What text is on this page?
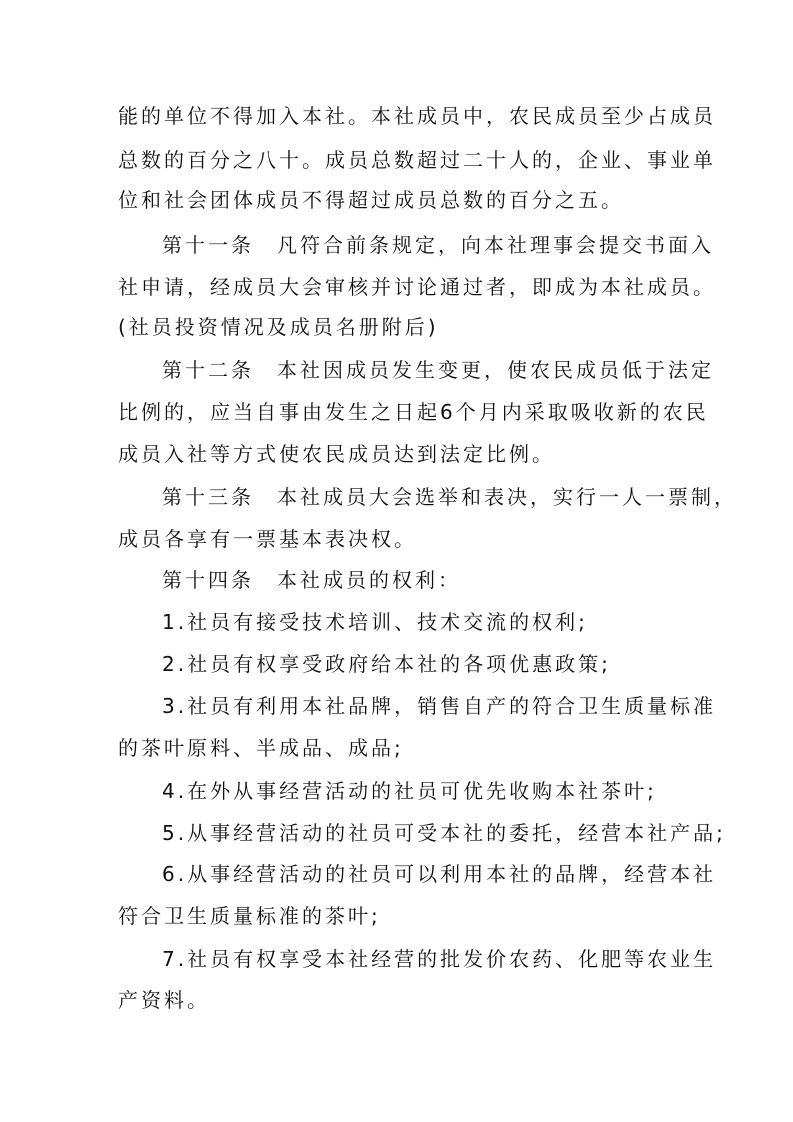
能的单位不得加入本社。本社成员中，农民成员至少占成员
总数的百分之八十。成员总数超过二十人的，企业、事业单
位和社会团体成员不得超过成员总数的百分之五。
第十一条　凡符合前条规定，向本社理事会提交书面入
社申请，经成员大会审核并讨论通过者，即成为本社成员。
(社员投资情况及成员名册附后)
第十二条　本社因成员发生变更，使农民成员低于法定
比例的，应当自事由发生之日起6个月内采取吸收新的农民
成员入社等方式使农民成员达到法定比例。
第十三条　本社成员大会选举和表决，实行一人一票制，
成员各享有一票基本表决权。
第十四条　本社成员的权利：
1.社员有接受技术培训、技术交流的权利;
2.社员有权享受政府给本社的各项优惠政策;
3.社员有利用本社品牌，销售自产的符合卫生质量标准
的茶叶原料、半成品、成品;
4.在外从事经营活动的社员可优先收购本社茶叶;
5.从事经营活动的社员可受本社的委托，经营本社产品;
6.从事经营活动的社员可以利用本社的品牌，经营本社
符合卫生质量标准的茶叶;
7.社员有权享受本社经营的批发价农药、化肥等农业生
产资料。
